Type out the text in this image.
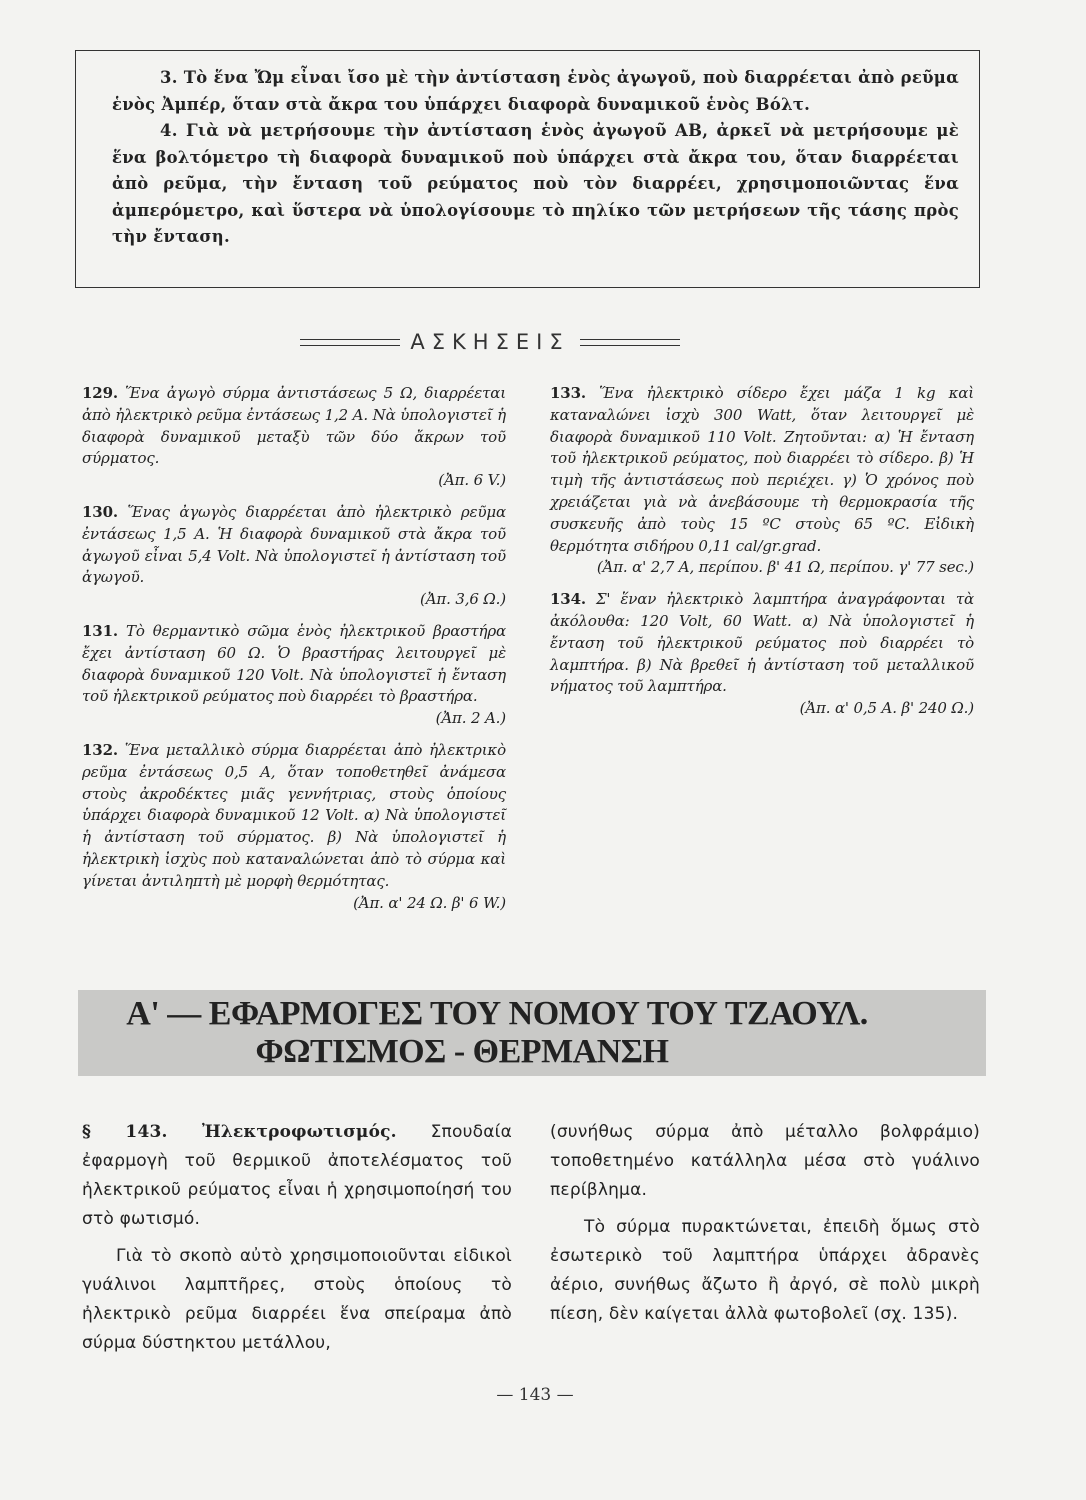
3. Τὸ ἕνα Ὤμ εἶναι ἴσο μὲ τὴν ἀντίσταση ἑνὸς ἀγωγοῦ, ποὺ διαρρέεται ἀπὸ ρεῦμα ἑνὸς Ἀμπέρ, ὅταν στὰ ἄκρα του ὑπάρχει διαφορὰ δυναμικοῦ ἑνὸς Βόλτ.

4. Γιὰ νὰ μετρήσουμε τὴν ἀντίσταση ἑνὸς ἀγωγοῦ ΑΒ, ἀρκεῖ νὰ μετρήσουμε μὲ ἕνα βολτόμετρο τὴ διαφορὰ δυναμικοῦ ποὺ ὑπάρχει στὰ ἄκρα του, ὅταν διαρρέεται ἀπὸ ρεῦμα, τὴν ἔνταση τοῦ ρεύματος ποὺ τὸν διαρρέει, χρησιμοποιῶντας ἕνα ἀμπερόμετρο, καὶ ὕστερα νὰ ὑπολογίσουμε τὸ πηλίκο τῶν μετρήσεων τῆς τάσης πρὸς τὴν ἔνταση.

ΑΣΚΗΣΕΙΣ
129. Ἕνα ἀγωγὸ σύρμα ἀντιστάσεως 5 Ω, διαρρέεται ἀπὸ ἠλεκτρικὸ ρεῦμα ἐντάσεως 1,2 Α. Νὰ ὑπολογιστεῖ ἡ διαφορὰ δυναμικοῦ μεταξὺ τῶν δύο ἄκρων τοῦ σύρματος.
(Ἀπ. 6 V.)
130. Ἕνας ἀγωγὸς διαρρέεται ἀπὸ ἠλεκτρικὸ ρεῦμα ἐντάσεως 1,5 Α. Ἡ διαφορὰ δυναμικοῦ στὰ ἄκρα τοῦ ἀγωγοῦ εἶναι 5,4 Volt. Νὰ ὑπολογιστεῖ ἡ ἀντίσταση τοῦ ἀγωγοῦ.
(Ἀπ. 3,6 Ω.)
131. Τὸ θερμαντικὸ σῶμα ἑνὸς ἠλεκτρικοῦ βραστήρα ἔχει ἀντίσταση 60 Ω. Ὁ βραστήρας λειτουργεῖ μὲ διαφορὰ δυναμικοῦ 120 Volt. Νὰ ὑπολογιστεῖ ἡ ἔνταση τοῦ ἠλεκτρικοῦ ρεύματος ποὺ διαρρέει τὸ βραστήρα.
(Ἀπ. 2 Α.)
132. Ἕνα μεταλλικὸ σύρμα διαρρέεται ἀπὸ ἠλεκτρικὸ ρεῦμα ἐντάσεως 0,5 Α, ὅταν τοποθετηθεῖ ἀνάμεσα στοὺς ἀκροδέκτες μιᾶς γεννήτριας, στοὺς ὁποίους ὑπάρχει διαφορὰ δυναμικοῦ 12 Volt. α) Νὰ ὑπολογιστεῖ ἡ ἀντίσταση τοῦ σύρματος. β) Νὰ ὑπολογιστεῖ ἡ ἠλεκτρικὴ ἰσχὺς ποὺ καταναλώνεται ἀπὸ τὸ σύρμα καὶ γίνεται ἀντιληπτὴ μὲ μορφὴ θερμότητας.
(Ἀπ. α' 24 Ω. β' 6 W.)
133. Ἕνα ἠλεκτρικὸ σίδερο ἔχει μάζα 1 kg καὶ καταναλώνει ἰσχὺ 300 Watt, ὅταν λειτουργεῖ μὲ διαφορὰ δυναμικοῦ 110 Volt. Ζητοῦνται: α) Ἡ ἔνταση τοῦ ἠλεκτρικοῦ ρεύματος, ποὺ διαρρέει τὸ σίδερο. β) Ἡ τιμὴ τῆς ἀντιστάσεως ποὺ περιέχει. γ) Ὁ χρόνος ποὺ χρειάζεται γιὰ νὰ ἀνεβάσουμε τὴ θερμοκρασία τῆς συσκευῆς ἀπὸ τοὺς 15 ºC στοὺς 65 ºC. Εἰδικὴ θερμότητα σιδήρου 0,11 cal/gr.grad.
(Ἀπ. α' 2,7 Α, περίπου. β' 41 Ω, περίπου. γ' 77 sec.)
134. Σ' ἕναν ἠλεκτρικὸ λαμπτήρα ἀναγράφονται τὰ ἀκόλουθα: 120 Volt, 60 Watt. α) Νὰ ὑπολογιστεῖ ἡ ἔνταση τοῦ ἠλεκτρικοῦ ρεύματος ποὺ διαρρέει τὸ λαμπτήρα. β) Νὰ βρεθεῖ ἡ ἀντίσταση τοῦ μεταλλικοῦ νήματος τοῦ λαμπτήρα.
(Ἀπ. α' 0,5 Α. β' 240 Ω.)
Α' — ΕΦΑΡΜΟΓΕΣ ΤΟΥ ΝΟΜΟΥ ΤΟΥ ΤΖΑΟΥΛ.
ΦΩΤΙΣΜΟΣ - ΘΕΡΜΑΝΣΗ

§ 143. Ἠλεκτροφωτισμός. Σπουδαία ἐφαρμογὴ τοῦ θερμικοῦ ἀποτελέσματος τοῦ ἠλεκτρικοῦ ρεύματος εἶναι ἡ χρησιμοποίησή του στὸ φωτισμό.

Γιὰ τὸ σκοπὸ αὐτὸ χρησιμοποιοῦνται εἰδικοὶ γυάλινοι λαμπτῆρες, στοὺς ὁποίους τὸ ἠλεκτρικὸ ρεῦμα διαρρέει ἕνα σπείραμα ἀπὸ σύρμα δύστηκτου μετάλλου,

(συνήθως σύρμα ἀπὸ μέταλλο βολφράμιο) τοποθετημένο κατάλληλα μέσα στὸ γυάλινο περίβλημα.

Τὸ σύρμα πυρακτώνεται, ἐπειδὴ ὅμως στὸ ἐσωτερικὸ τοῦ λαμπτήρα ὑπάρχει ἀδρανὲς ἀέριο, συνήθως ἄζωτο ἢ ἀργό, σὲ πολὺ μικρὴ πίεση, δὲν καίγεται ἀλλὰ φωτοβολεῖ (σχ. 135).

— 143 —
